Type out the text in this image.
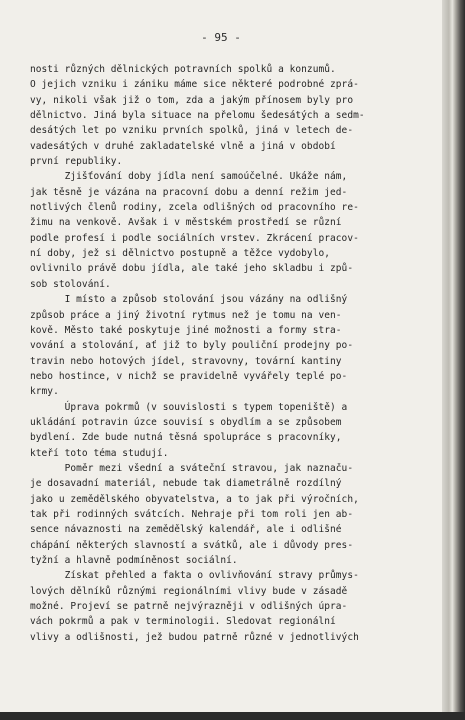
- 95 -
nosti různých dělnických potravních spolků a konzumů.
O jejich vzniku i zániku máme sice některé podrobné zprá-
vy, nikoli však již o tom, zda a jakým přínosem byly pro
dělnictvo. Jiná byla situace na přelomu šedesátých a sedm-
desátých let po vzniku prvních spolků, jiná v letech de-
vadesátých v druhé zakladatelské vlně a jiná v období
první republiky.
Zjišťování doby jídla není samoúčelné. Ukáže nám,
jak těsně je vázána na pracovní dobu a denní režim jed-
notlivých členů rodiny, zcela odlišných od pracovního re-
žimu na venkově. Avšak i v městském prostředí se různí
podle profesí i podle sociálních vrstev. Zkrácení pracov-
ní doby, jež si dělnictvo postupně a těžce vydobylo,
ovlivnilo právě dobu jídla, ale také jeho skladbu i způ-
sob stolování.
I místo a způsob stolování jsou vázány na odlišný
způsob práce a jiný životní rytmus než je tomu na ven-
kově. Město také poskytuje jiné možnosti a formy stra-
vování a stolování, ať již to byly pouliční prodejny po-
travin nebo hotových jídel, stravovny, tovární kantiny
nebo hostince, v nichž se pravidelně vyvářely teplé po-
krmy.
Úprava pokrmů (v souvislosti s typem topeniště) a
ukládání potravin úzce souvisí s obydlím a se způsobem
bydlení. Zde bude nutná těsná spolupráce s pracovníky,
kteří toto téma studují.
Poměr mezi všední a sváteční stravou, jak naznaču-
je dosavadní materiál, nebude tak diametrálně rozdílný
jako u zemědělského obyvatelstva, a to jak při výročních,
tak při rodinných svátcích. Nehraje při tom roli jen ab-
sence návaznosti na zemědělský kalendář, ale i odlišné
chápání některých slavností a svátků, ale i důvody pres-
tyžní a hlavně podmíněnost sociální.
Získat přehled a fakta o ovlivňování stravy průmys-
lových dělníků různými regionálními vlivy bude v zásadě
možné. Projeví se patrně nejvýrazněji v odlišných úpra-
vách pokrmů a pak v terminologii. Sledovat regionální
vlivy a odlišnosti, jež budou patrně různé v jednotlivých
